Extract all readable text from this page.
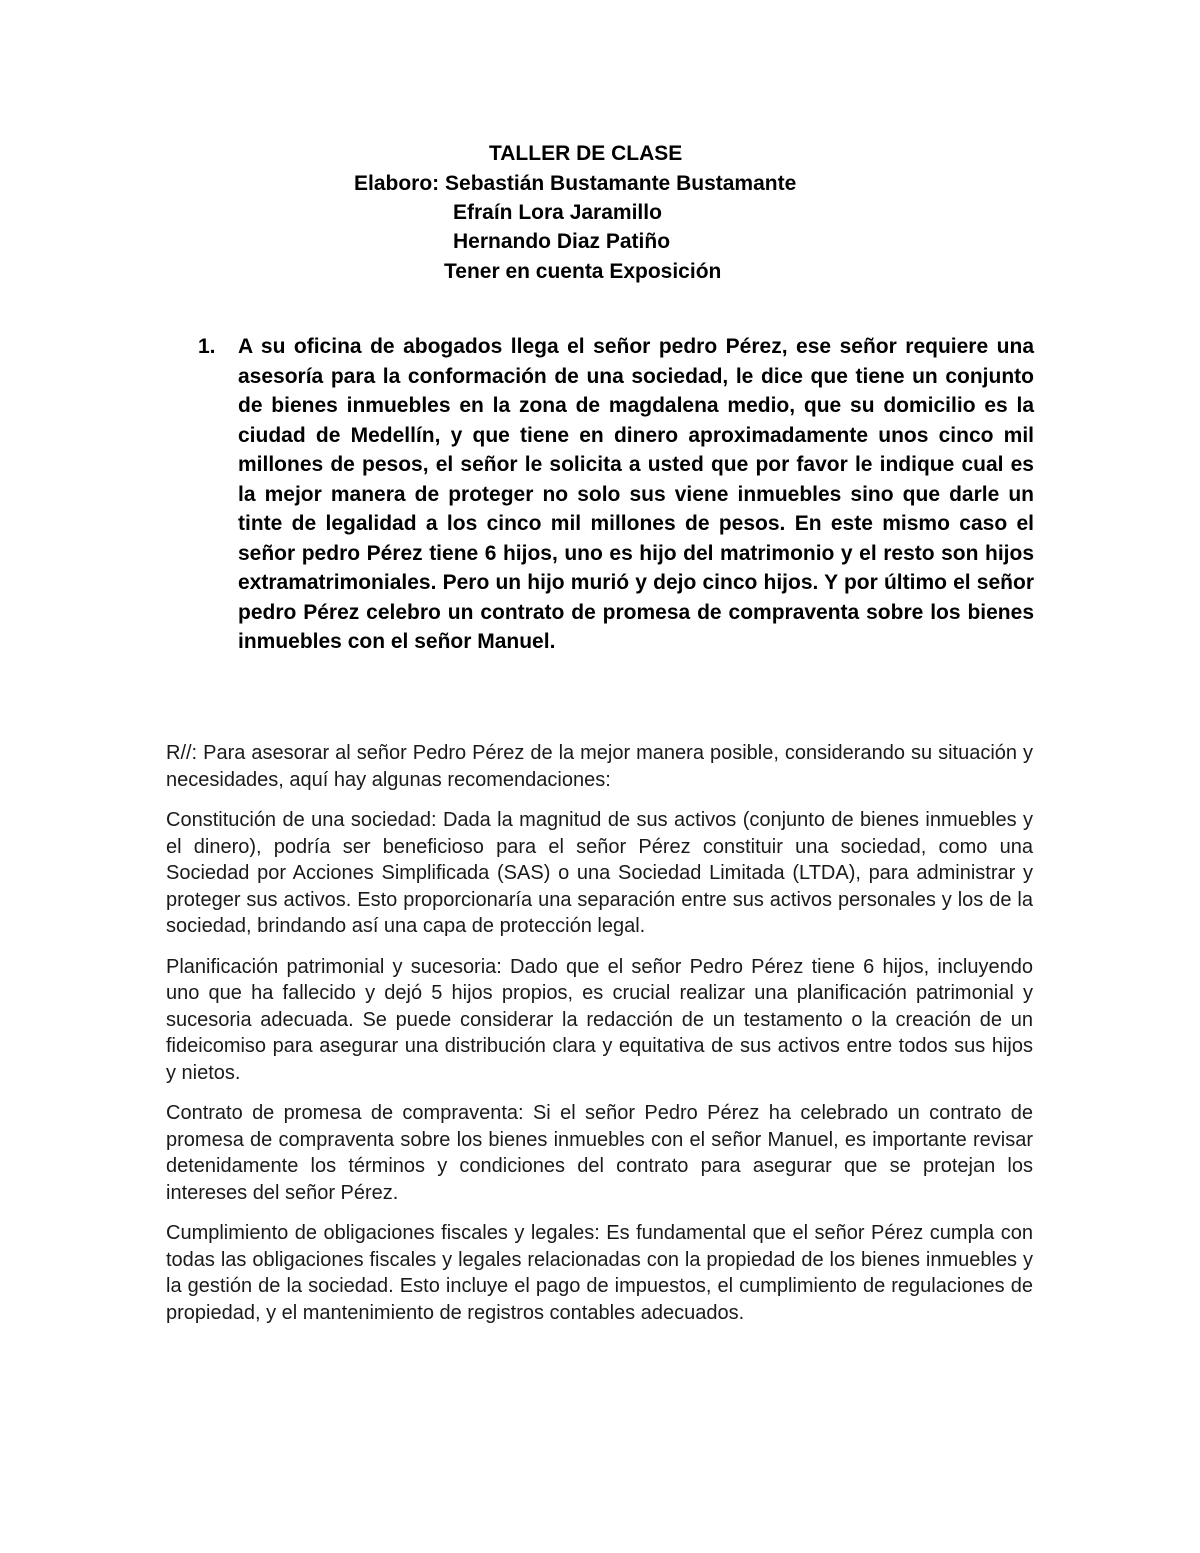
TALLER DE CLASE
Elaboro: Sebastián Bustamante Bustamante
Efraín Lora Jaramillo
Hernando Diaz Patiño
Tener en cuenta Exposición
1. A su oficina de abogados llega el señor pedro Pérez, ese señor requiere una asesoría para la conformación de una sociedad, le dice que tiene un conjunto de bienes inmuebles en la zona de magdalena medio, que su domicilio es la ciudad de Medellín, y que tiene en dinero aproximadamente unos cinco mil millones de pesos, el señor le solicita a usted que por favor le indique cual es la mejor manera de proteger no solo sus viene inmuebles sino que darle un tinte de legalidad a los cinco mil millones de pesos. En este mismo caso el señor pedro Pérez tiene 6 hijos, uno es hijo del matrimonio y el resto son hijos extramatrimoniales. Pero un hijo murió y dejo cinco hijos. Y por último el señor pedro Pérez celebro un contrato de promesa de compraventa sobre los bienes inmuebles con el señor Manuel.

R//: Para asesorar al señor Pedro Pérez de la mejor manera posible, considerando su situación y necesidades, aquí hay algunas recomendaciones:

Constitución de una sociedad: Dada la magnitud de sus activos (conjunto de bienes inmuebles y el dinero), podría ser beneficioso para el señor Pérez constituir una sociedad, como una Sociedad por Acciones Simplificada (SAS) o una Sociedad Limitada (LTDA), para administrar y proteger sus activos. Esto proporcionaría una separación entre sus activos personales y los de la sociedad, brindando así una capa de protección legal.

Planificación patrimonial y sucesoria: Dado que el señor Pedro Pérez tiene 6 hijos, incluyendo uno que ha fallecido y dejó 5 hijos propios, es crucial realizar una planificación patrimonial y sucesoria adecuada. Se puede considerar la redacción de un testamento o la creación de un fideicomiso para asegurar una distribución clara y equitativa de sus activos entre todos sus hijos y nietos.

Contrato de promesa de compraventa: Si el señor Pedro Pérez ha celebrado un contrato de promesa de compraventa sobre los bienes inmuebles con el señor Manuel, es importante revisar detenidamente los términos y condiciones del contrato para asegurar que se protejan los intereses del señor Pérez.

Cumplimiento de obligaciones fiscales y legales: Es fundamental que el señor Pérez cumpla con todas las obligaciones fiscales y legales relacionadas con la propiedad de los bienes inmuebles y la gestión de la sociedad. Esto incluye el pago de impuestos, el cumplimiento de regulaciones de propiedad, y el mantenimiento de registros contables adecuados.
